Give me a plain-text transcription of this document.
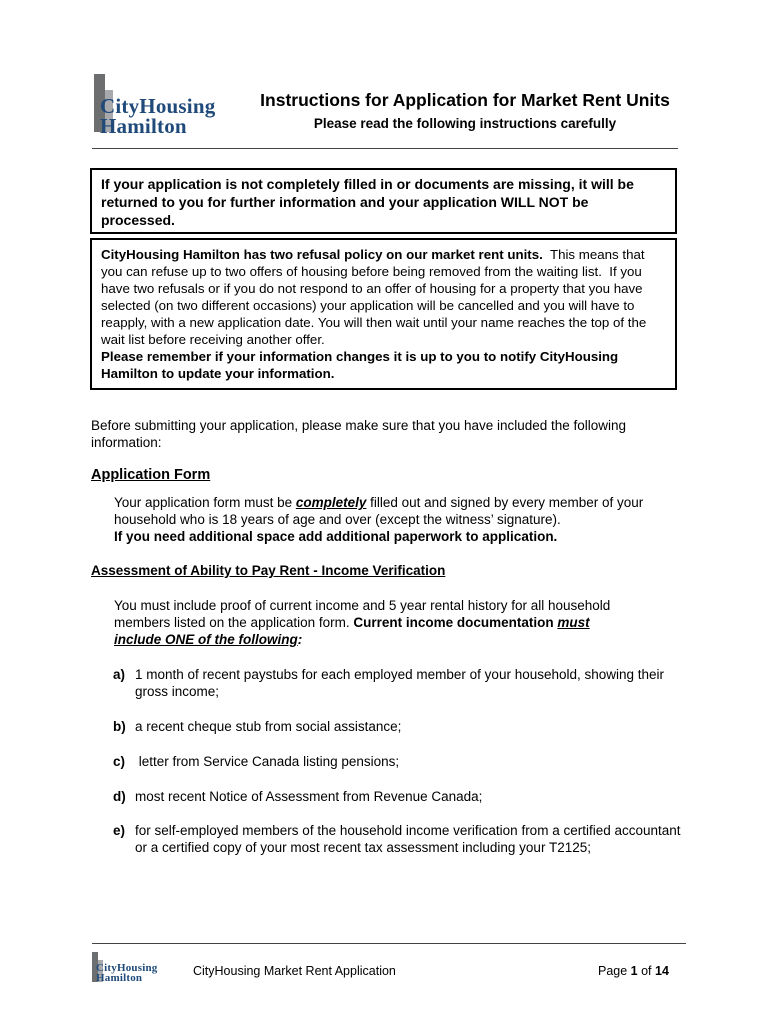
CityHousing
Hamilton
Instructions for Application for Market Rent Units
Please read the following instructions carefully
If your application is not completely filled in or documents are missing, it will be returned to you for further information and your application WILL NOT be processed.
CityHousing Hamilton has two refusal policy on our market rent units.  This means that you can refuse up to two offers of housing before being removed from the waiting list.  If you have two refusals or if you do not respond to an offer of housing for a property that you have selected (on two different occasions) your application will be cancelled and you will have to reapply, with a new application date. You will then wait until your name reaches the top of the wait list before receiving another offer.
Please remember if your information changes it is up to you to notify CityHousing Hamilton to update your information.
Before submitting your application, please make sure that you have included the following information:
Application Form
Your application form must be completely filled out and signed by every member of your household who is 18 years of age and over (except the witness’ signature).
If you need additional space add additional paperwork to application.
Assessment of Ability to Pay Rent - Income Verification
You must include proof of current income and 5 year rental history for all household members listed on the application form. Current income documentation must
include ONE of the following:
a) 1 month of recent paystubs for each employed member of your household, showing their gross income;
b) a recent cheque stub from social assistance;
c) letter from Service Canada listing pensions;
d) most recent Notice of Assessment from Revenue Canada;
e) for self-employed members of the household income verification from a certified accountant or a certified copy of your most recent tax assessment including your T2125;
CityHousing
Hamilton	CityHousing Market Rent Application	Page 1 of 14
